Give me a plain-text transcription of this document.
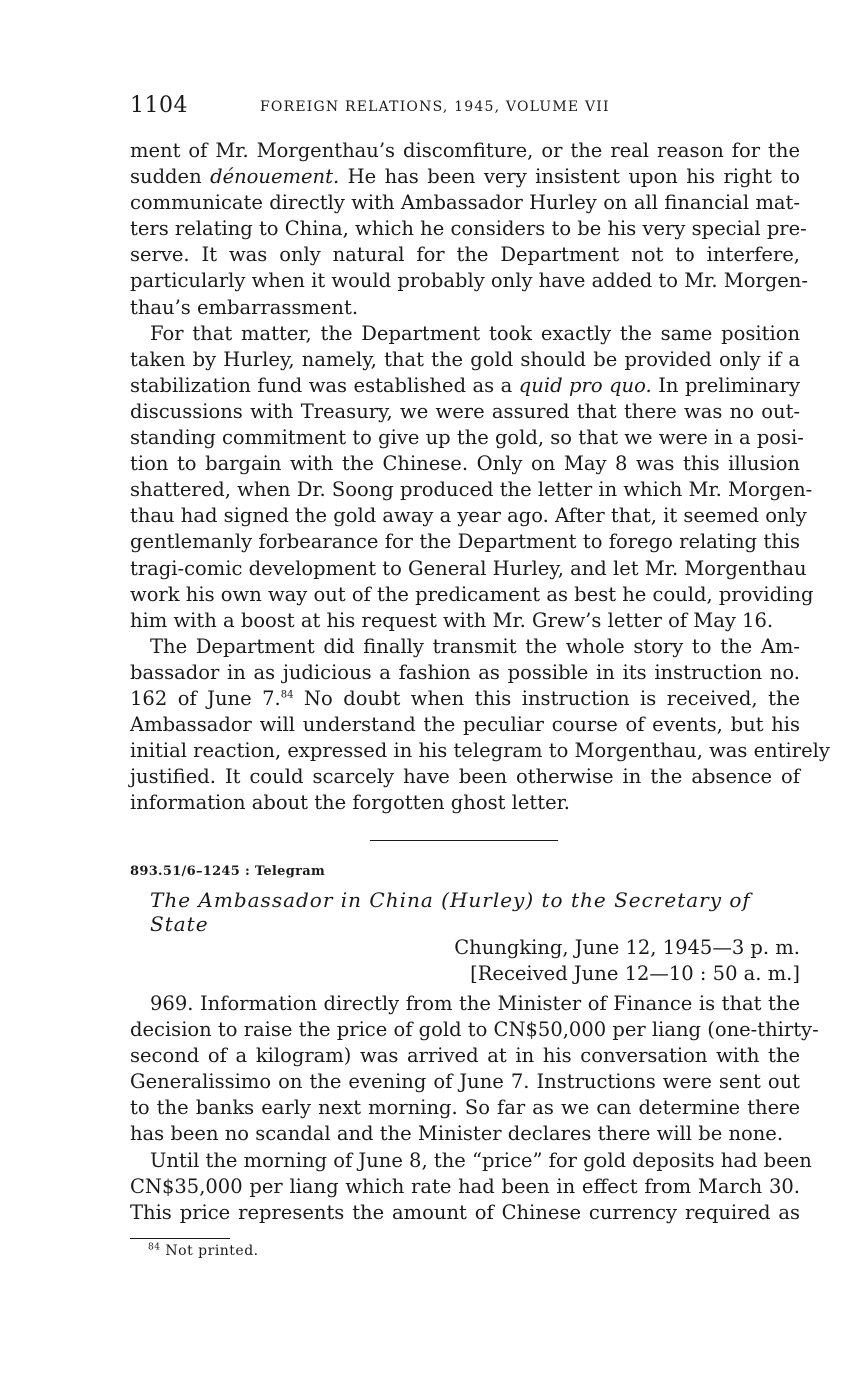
1104	FOREIGN RELATIONS, 1945, VOLUME VII
ment of Mr. Morgenthau’s discomfiture, or the real reason for the
sudden dénouement. He has been very insistent upon his right to
communicate directly with Ambassador Hurley on all financial mat-
ters relating to China, which he considers to be his very special pre-
serve. It was only natural for the Department not to interfere,
particularly when it would probably only have added to Mr. Morgen-
thau’s embarrassment.
For that matter, the Department took exactly the same position
taken by Hurley, namely, that the gold should be provided only if a
stabilization fund was established as a quid pro quo. In preliminary
discussions with Treasury, we were assured that there was no out-
standing commitment to give up the gold, so that we were in a posi-
tion to bargain with the Chinese. Only on May 8 was this illusion
shattered, when Dr. Soong produced the letter in which Mr. Morgen-
thau had signed the gold away a year ago. After that, it seemed only
gentlemanly forbearance for the Department to forego relating this
tragi-comic development to General Hurley, and let Mr. Morgenthau
work his own way out of the predicament as best he could, providing
him with a boost at his request with Mr. Grew’s letter of May 16.
The Department did finally transmit the whole story to the Am-
bassador in as judicious a fashion as possible in its instruction no.
162 of June 7.84 No doubt when this instruction is received, the
Ambassador will understand the peculiar course of events, but his
initial reaction, expressed in his telegram to Morgenthau, was entirely
justified. It could scarcely have been otherwise in the absence of
information about the forgotten ghost letter.
893.51/6–1245 : Telegram
The Ambassador in China (Hurley) to the Secretary of State
Chungking, June 12, 1945—3 p. m.
[Received June 12—10 : 50 a. m.]
969. Information directly from the Minister of Finance is that the
decision to raise the price of gold to CN$50,000 per liang (one-thirty-
second of a kilogram) was arrived at in his conversation with the
Generalissimo on the evening of June 7. Instructions were sent out
to the banks early next morning. So far as we can determine there
has been no scandal and the Minister declares there will be none.
Until the morning of June 8, the “price” for gold deposits had been
CN$35,000 per liang which rate had been in effect from March 30.
This price represents the amount of Chinese currency required as
$^{84}$ Not printed.
